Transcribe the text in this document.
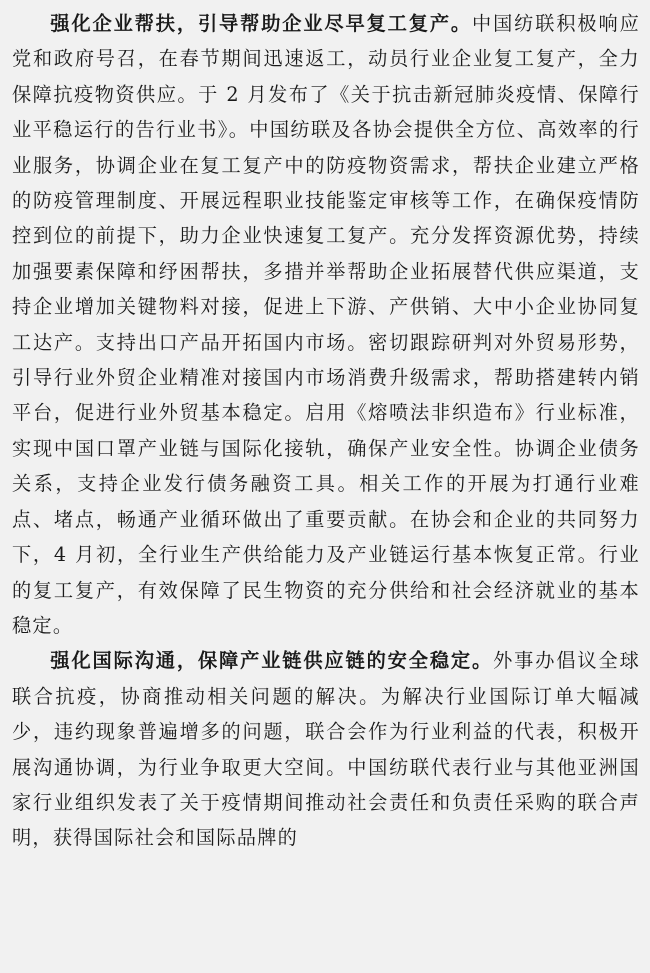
强化企业帮扶，引导帮助企业尽早复工复产。中国纺联积极响应党和政府号召，在春节期间迅速返工，动员行业企业复工复产，全力保障抗疫物资供应。于 2 月发布了《关于抗击新冠肺炎疫情、保障行业平稳运行的告行业书》。中国纺联及各协会提供全方位、高效率的行业服务，协调企业在复工复产中的防疫物资需求，帮扶企业建立严格的防疫管理制度、开展远程职业技能鉴定审核等工作，在确保疫情防控到位的前提下，助力企业快速复工复产。充分发挥资源优势，持续加强要素保障和纾困帮扶，多措并举帮助企业拓展替代供应渠道，支持企业增加关键物料对接，促进上下游、产供销、大中小企业协同复工达产。支持出口产品开拓国内市场。密切跟踪研判对外贸易形势，引导行业外贸企业精准对接国内市场消费升级需求，帮助搭建转内销平台，促进行业外贸基本稳定。启用《熔喷法非织造布》行业标准，实现中国口罩产业链与国际化接轨，确保产业安全性。协调企业债务关系，支持企业发行债务融资工具。相关工作的开展为打通行业难点、堵点，畅通产业循环做出了重要贡献。在协会和企业的共同努力下，4 月初，全行业生产供给能力及产业链运行基本恢复正常。行业的复工复产，有效保障了民生物资的充分供给和社会经济就业的基本稳定。

强化国际沟通，保障产业链供应链的安全稳定。外事办倡议全球联合抗疫，协商推动相关问题的解决。为解决行业国际订单大幅减少，违约现象普遍增多的问题，联合会作为行业利益的代表，积极开展沟通协调，为行业争取更大空间。中国纺联代表行业与其他亚洲国家行业组织发表了关于疫情期间推动社会责任和负责任采购的联合声明，获得国际社会和国际品牌的
